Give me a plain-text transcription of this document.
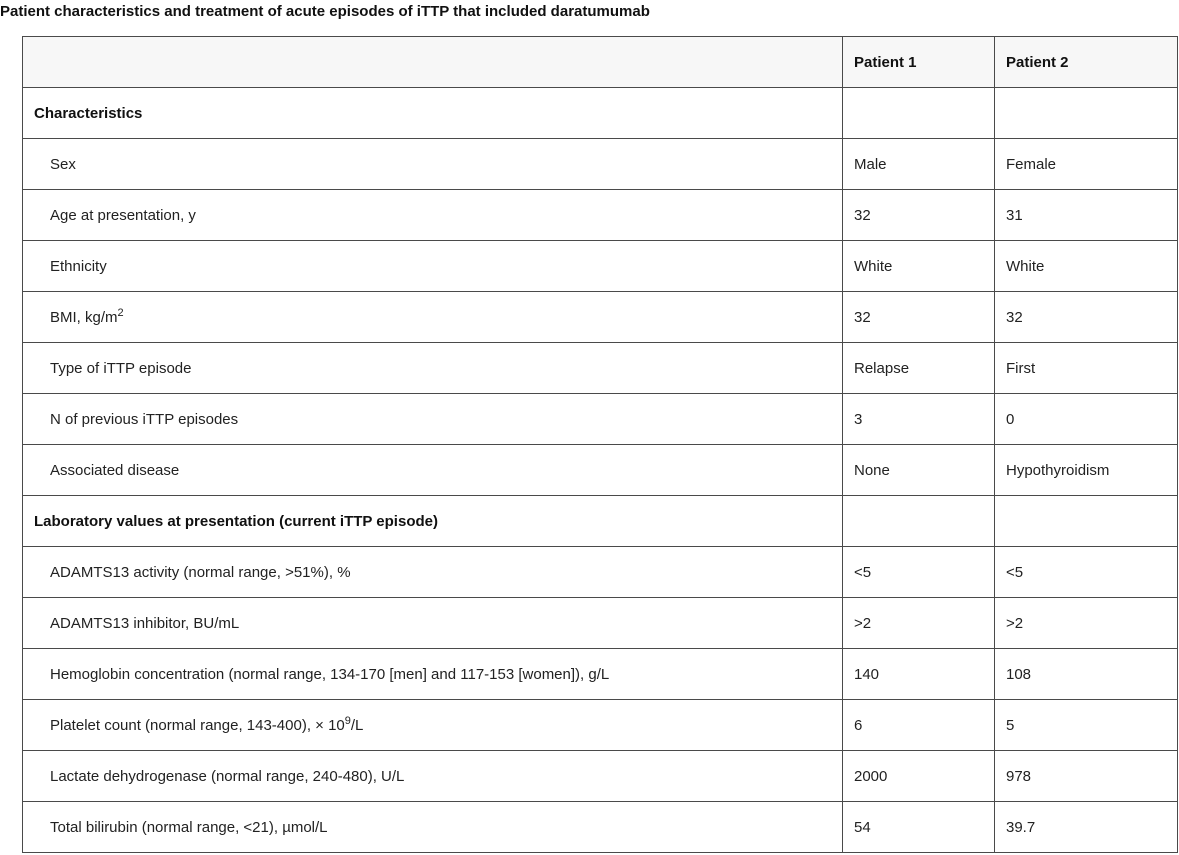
Patient characteristics and treatment of acute episodes of iTTP that included daratumumab
	Patient 1	Patient 2
Characteristics		
Sex	Male	Female
Age at presentation, y	32	31
Ethnicity	White	White
BMI, $kg/m^2$	32	32
Type of iTTP episode	Relapse	First
N of previous iTTP episodes	3	0
Associated disease	None	Hypothyroidism
Laboratory values at presentation (current iTTP episode)		
ADAMTS13 activity (normal range, >51%), %	<5	<5
ADAMTS13 inhibitor, BU/mL	>2	>2
Hemoglobin concentration (normal range, 134-170 [men] and 117-153 [women]), g/L	140	108
Platelet count (normal range, 143-400), × $10^9/L$	6	5
Lactate dehydrogenase (normal range, 240-480), U/L	2000	978
Total bilirubin (normal range, <21), µmol/L	54	39.7
